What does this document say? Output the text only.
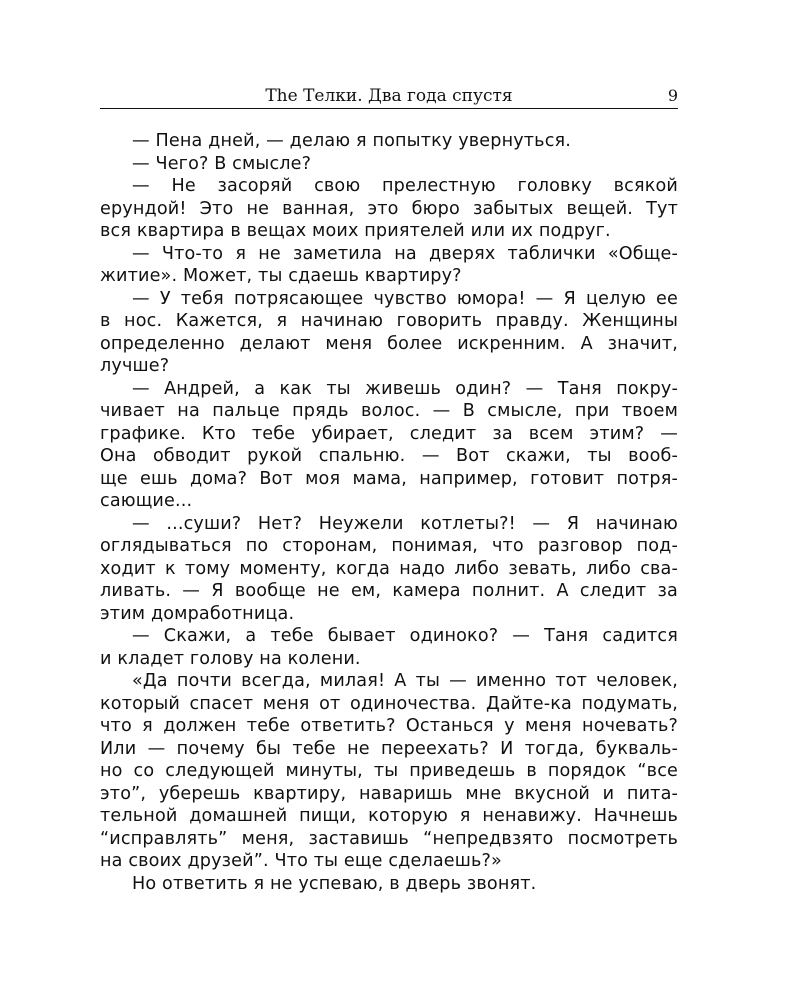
The Телки. Два года спустя	9
— Пена дней, — делаю я попытку увернуться.
— Чего? В смысле?
— Не засоряй свою прелестную головку всякой
ерундой! Это не ванная, это бюро забытых вещей. Тут
вся квартира в вещах моих приятелей или их подруг.
— Что-то я не заметила на дверях таблички «Обще-
житие». Может, ты сдаешь квартиру?
— У тебя потрясающее чувство юмора! — Я целую ее
в нос. Кажется, я начинаю говорить правду. Женщины
определенно делают меня более искренним. А значит,
лучше?
— Андрей, а как ты живешь один? — Таня покру-
чивает на пальце прядь волос. — В смысле, при твоем
графике. Кто тебе убирает, следит за всем этим? —
Она обводит рукой спальню. — Вот скажи, ты вооб-
ще ешь дома? Вот моя мама, например, готовит потря-
сающие...
— ...суши? Нет? Неужели котлеты?! — Я начинаю
оглядываться по сторонам, понимая, что разговор под-
ходит к тому моменту, когда надо либо зевать, либо сва-
ливать. — Я вообще не ем, камера полнит. А следит за
этим домработница.
— Скажи, а тебе бывает одиноко? — Таня садится
и кладет голову на колени.
«Да почти всегда, милая! А ты — именно тот человек,
который спасет меня от одиночества. Дайте-ка подумать,
что я должен тебе ответить? Останься у меня ночевать?
Или — почему бы тебе не переехать? И тогда, букваль-
но со следующей минуты, ты приведешь в порядок “все
это”, уберешь квартиру, наваришь мне вкусной и пита-
тельной домашней пищи, которую я ненавижу. Начнешь
“исправлять” меня, заставишь “непредвзято посмотреть
на своих друзей”. Что ты еще сделаешь?»
Но ответить я не успеваю, в дверь звонят.
